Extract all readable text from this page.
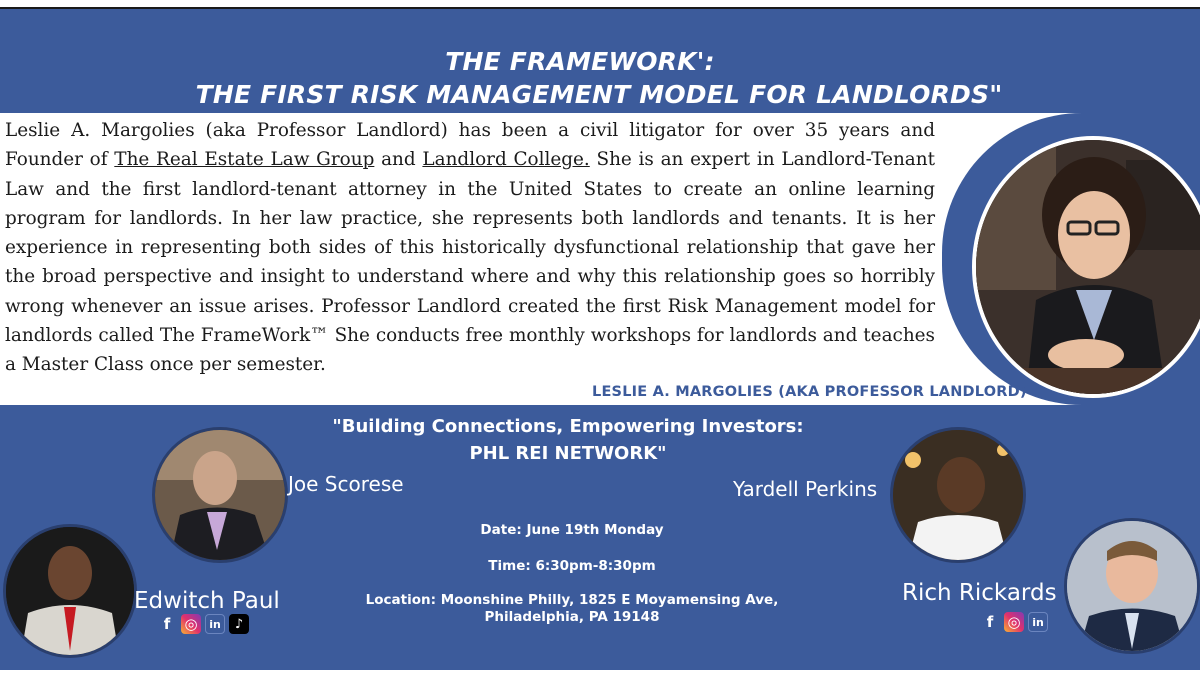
THE FRAMEWORK':
THE FIRST RISK MANAGEMENT MODEL FOR LANDLORDS"
Leslie A. Margolies (aka Professor Landlord) has been a civil litigator for over 35 years and Founder of The Real Estate Law Group and Landlord College. She is an expert in Landlord-Tenant Law and the first landlord-tenant attorney in the United States to create an online learning program for landlords. In her law practice, she represents both landlords and tenants. It is her experience in representing both sides of this historically dysfunctional relationship that gave her the broad perspective and insight to understand where and why this relationship goes so horribly wrong whenever an issue arises. Professor Landlord created the first Risk Management model for landlords called The FrameWork™ She conducts free monthly workshops for landlords and teaches a Master Class once per semester.
LESLIE A. MARGOLIES (AKA PROFESSOR LANDLORD)
"Building Connections, Empowering Investors:
PHL REI NETWORK"
Date: June 19th Monday
Time: 6:30pm-8:30pm
Location: Moonshine Philly, 1825 E Moyamensing Ave, Philadelphia, PA 19148
Joe Scorese	Yardell Perkins
Edwitch Paul
f ◎	in	♪
Rich Rickards
f ◎	in
